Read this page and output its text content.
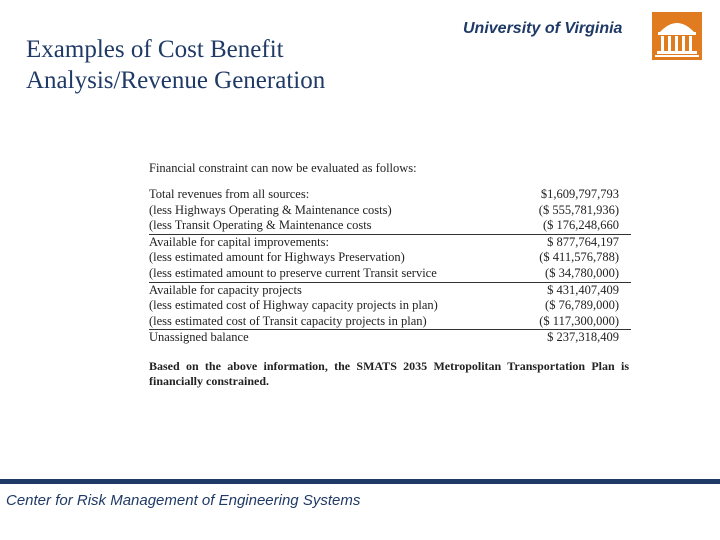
Examples of Cost Benefit
Analysis/Revenue Generation
University of Virginia
Financial constraint can now be evaluated as follows:
Total revenues from all sources:	$1,609,797,793
(less Highways Operating & Maintenance costs)	($ 555,781,936)
(less Transit Operating & Maintenance costs	($ 176,248,660
Available for capital improvements:	$ 877,764,197
(less estimated amount for Highways Preservation)	($ 411,576,788)
(less estimated amount to preserve current Transit service	($ 34,780,000)
Available for capacity projects	$ 431,407,409
(less estimated cost of Highway capacity projects in plan)	($ 76,789,000)
(less estimated cost of Transit capacity projects in plan)	($ 117,300,000)
Unassigned balance	$ 237,318,409
Based on the above information, the SMATS 2035 Metropolitan Transportation Plan is financially constrained.
Center for Risk Management of Engineering Systems
